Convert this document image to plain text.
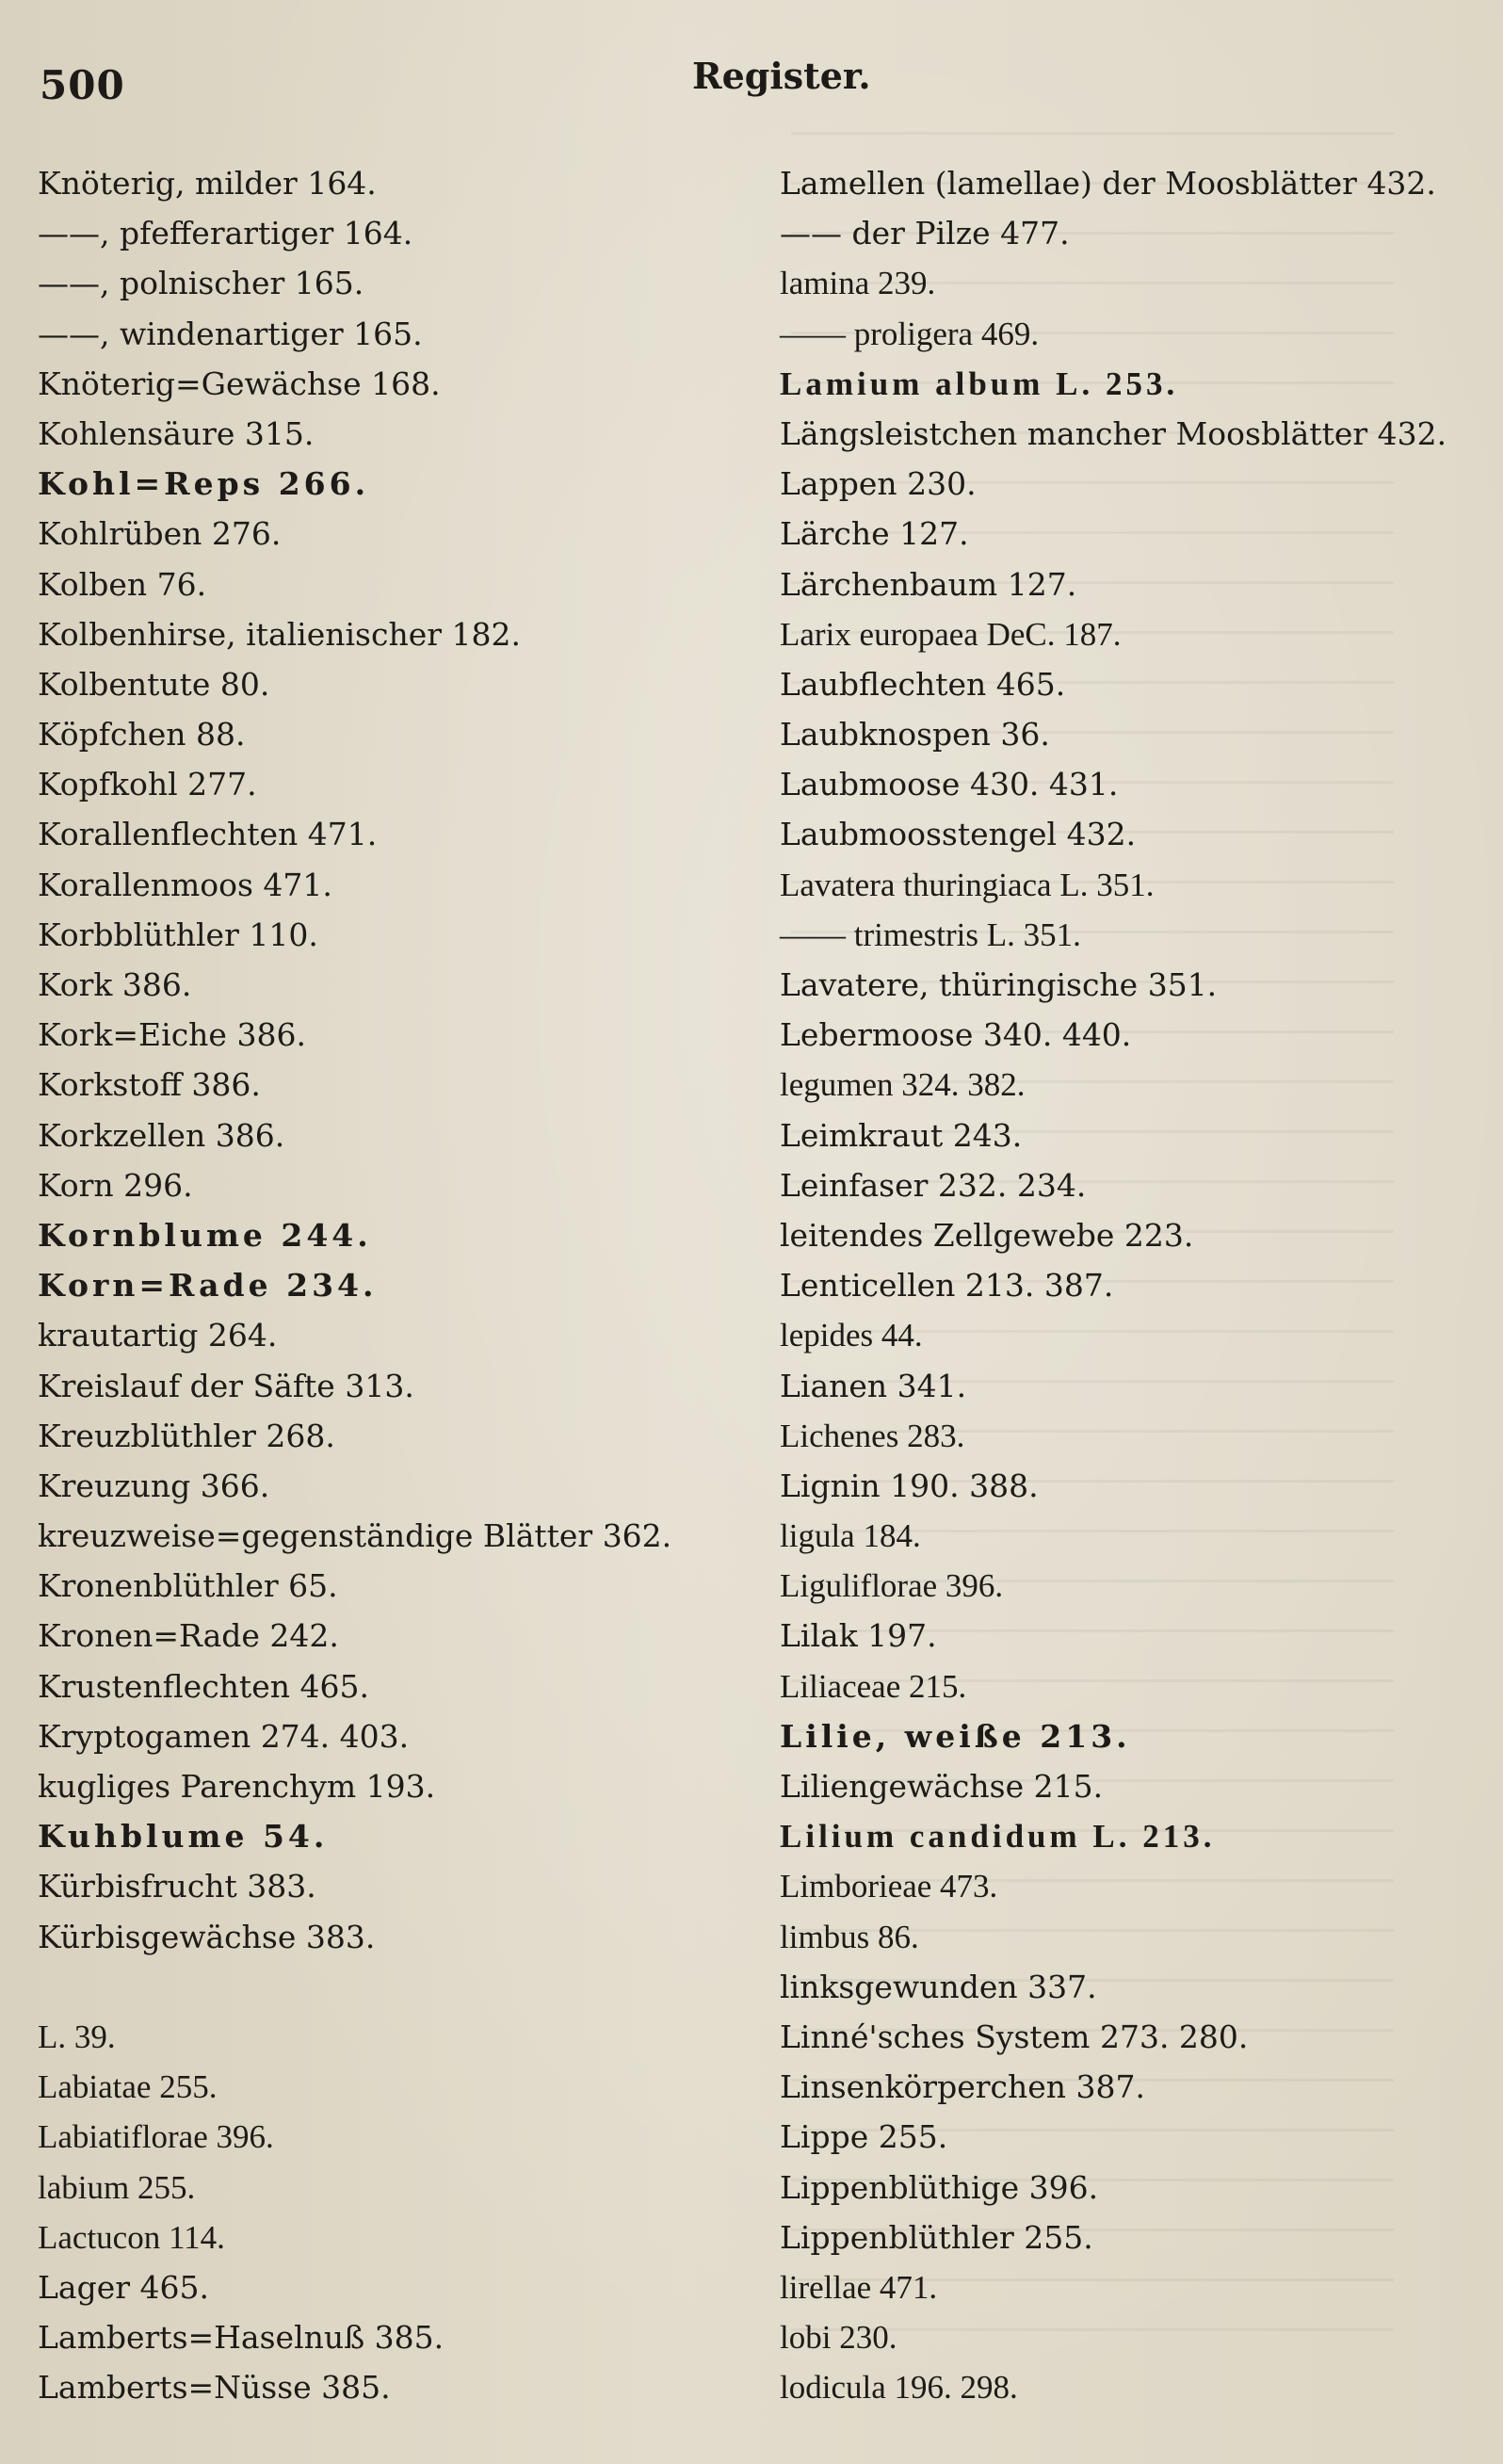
500	Register.
Knöterig, milder 164.
——, pfefferartiger 164.
——, polnischer 165.
——, windenartiger 165.
Knöterig=Gewächse 168.
Kohlensäure 315.
Kohl=Reps 266.
Kohlrüben 276.
Kolben 76.
Kolbenhirse, italienischer 182.
Kolbentute 80.
Köpfchen 88.
Kopfkohl 277.
Korallenflechten 471.
Korallenmoos 471.
Korbblüthler 110.
Kork 386.
Kork=Eiche 386.
Korkstoff 386.
Korkzellen 386.
Korn 296.
Kornblume 244.
Korn=Rade 234.
krautartig 264.
Kreislauf der Säfte 313.
Kreuzblüthler 268.
Kreuzung 366.
kreuzweise=gegenständige Blätter 362.
Kronenblüthler 65.
Kronen=Rade 242.
Krustenflechten 465.
Kryptogamen 274. 403.
kugliges Parenchym 193.
Kuhblume 54.
Kürbisfrucht 383.
Kürbisgewächse 383.
L. 39.
Labiatae 255.
Labiatiflorae 396.
labium 255.
Lactucon 114.
Lager 465.
Lamberts=Haselnuß 385.
Lamberts=Nüsse 385.
Lamellen (lamellae) der Moosblätter 432.
—— der Pilze 477.
lamina 239.
—— proligera 469.
Lamium album L. 253.
Längsleistchen mancher Moosblätter 432.
Lappen 230.
Lärche 127.
Lärchenbaum 127.
Larix europaea DeC. 187.
Laubflechten 465.
Laubknospen 36.
Laubmoose 430. 431.
Laubmoosstengel 432.
Lavatera thuringiaca L. 351.
—— trimestris L. 351.
Lavatere, thüringische 351.
Lebermoose 340. 440.
legumen 324. 382.
Leimkraut 243.
Leinfaser 232. 234.
leitendes Zellgewebe 223.
Lenticellen 213. 387.
lepides 44.
Lianen 341.
Lichenes 283.
Lignin 190. 388.
ligula 184.
Liguliflorae 396.
Lilak 197.
Liliaceae 215.
Lilie, weiße 213.
Liliengewächse 215.
Lilium candidum L. 213.
Limborieae 473.
limbus 86.
linksgewunden 337.
Linné'sches System 273. 280.
Linsenkörperchen 387.
Lippe 255.
Lippenblüthige 396.
Lippenblüthler 255.
lirellae 471.
lobi 230.
lodicula 196. 298.
